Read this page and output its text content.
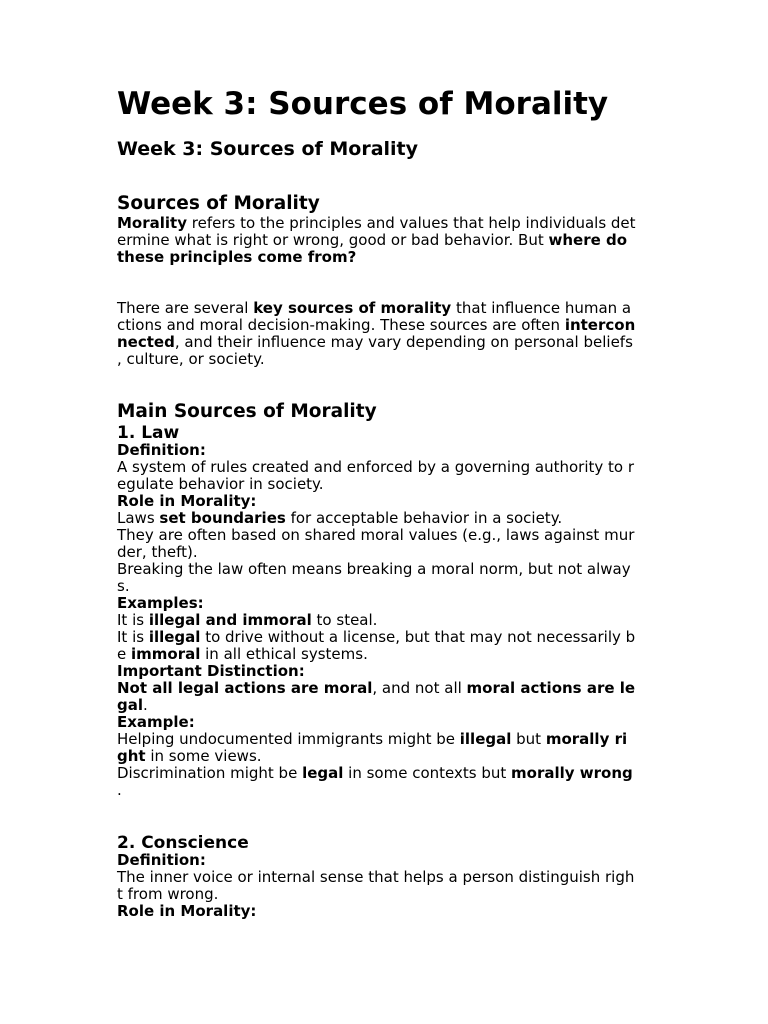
Week 3: Sources of Morality
Week 3: Sources of Morality
Sources of Morality
Morality refers to the principles and values that help individuals det
ermine what is right or wrong, good or bad behavior. But where do
these principles come from?
There are several key sources of morality that influence human a
ctions and moral decision-making. These sources are often intercon
nected, and their influence may vary depending on personal beliefs
, culture, or society.
Main Sources of Morality
1. Law
Definition:
A system of rules created and enforced by a governing authority to r
egulate behavior in society.
Role in Morality:
Laws set boundaries for acceptable behavior in a society.
They are often based on shared moral values (e.g., laws against mur
der, theft).
Breaking the law often means breaking a moral norm, but not alway
s.
Examples:
It is illegal and immoral to steal.
It is illegal to drive without a license, but that may not necessarily b
e immoral in all ethical systems.
Important Distinction:
Not all legal actions are moral, and not all moral actions are le
gal.
Example:
Helping undocumented immigrants might be illegal but morally ri
ght in some views.
Discrimination might be legal in some contexts but morally wrong
.
2. Conscience
Definition:
The inner voice or internal sense that helps a person distinguish righ
t from wrong.
Role in Morality:
